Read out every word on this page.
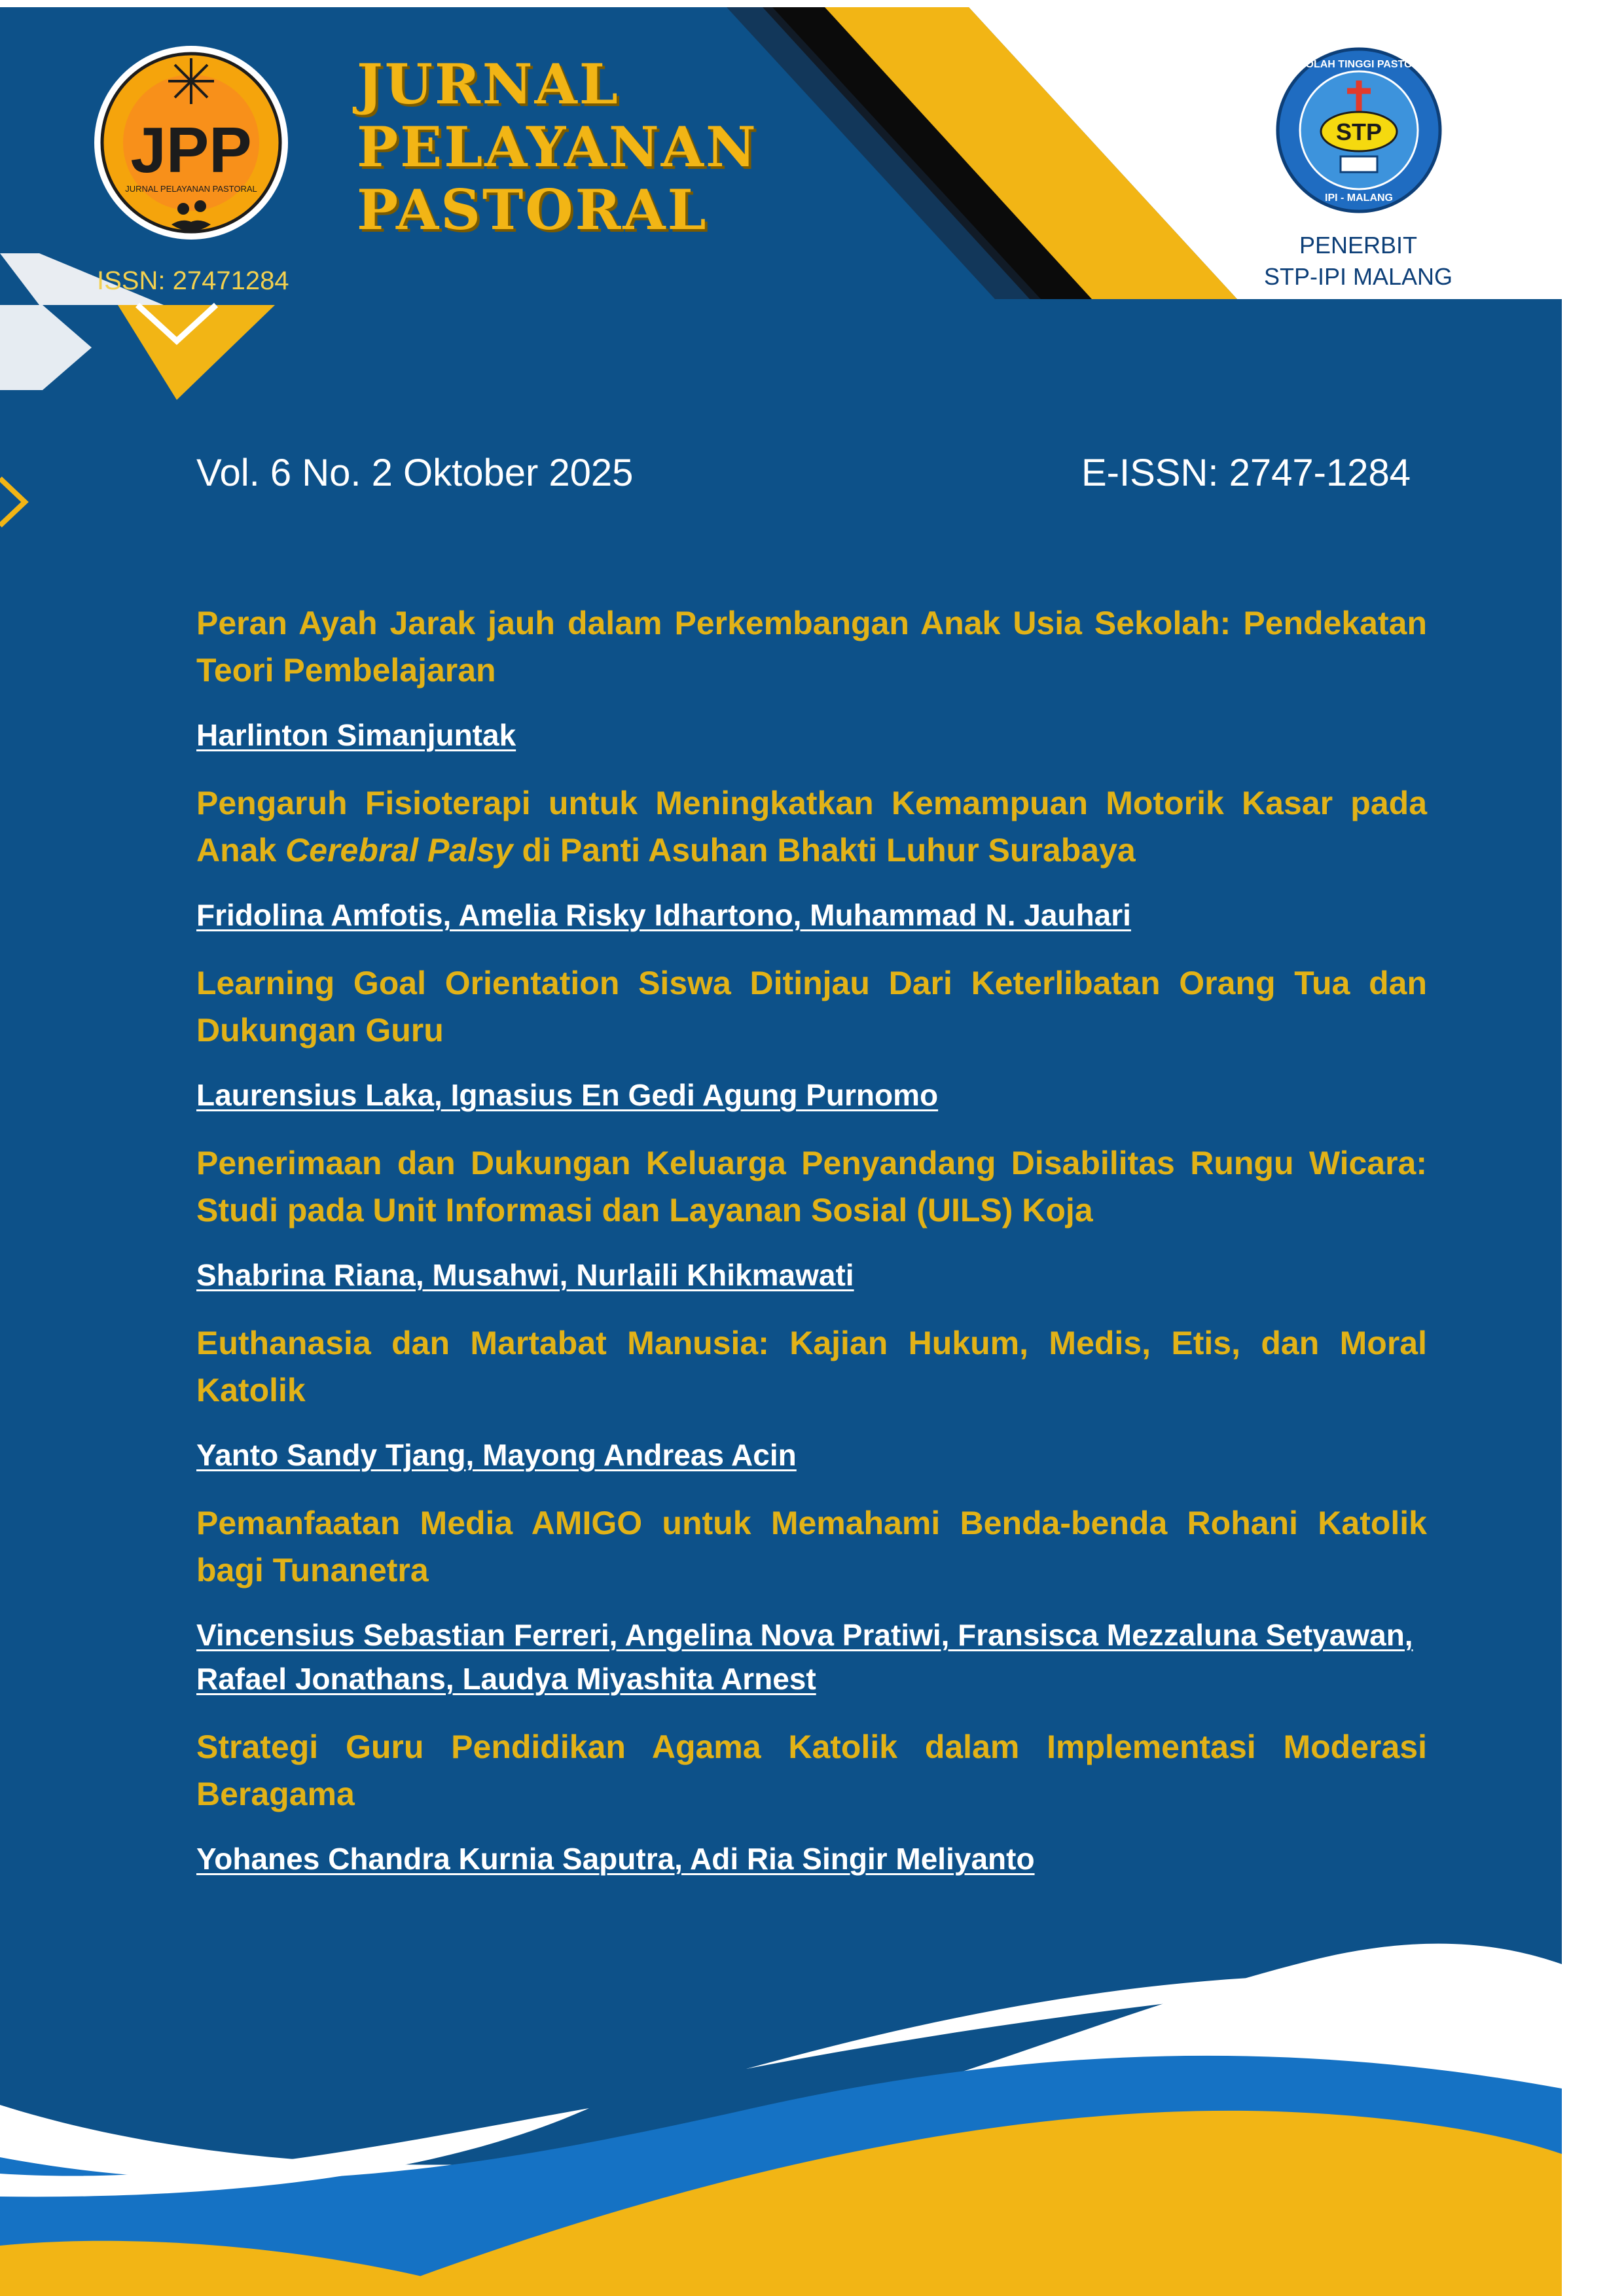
JPP
JURNAL PELAYANAN PASTORAL
STP
SEKOLAH TINGGI PASTORAL
IPI - MALANG
JURNAL
PELAYANAN
PASTORAL
ISSN: 27471284
PENERBIT
STP-IPI MALANG
Vol. 6 No. 2 Oktober 2025	E-ISSN: 2747-1284
Peran Ayah Jarak jauh dalam Perkembangan Anak Usia Sekolah: Pendekatan Teori Pembelajaran
Harlinton Simanjuntak
Pengaruh Fisioterapi untuk Meningkatkan Kemampuan Motorik Kasar pada Anak Cerebral Palsy di Panti Asuhan Bhakti Luhur Surabaya
Fridolina Amfotis, Amelia Risky Idhartono, Muhammad N. Jauhari
Learning Goal Orientation Siswa Ditinjau Dari Keterlibatan Orang Tua dan Dukungan Guru
Laurensius Laka, Ignasius En Gedi Agung Purnomo
Penerimaan dan Dukungan Keluarga Penyandang Disabilitas Rungu Wicara: Studi pada Unit Informasi dan Layanan Sosial (UILS) Koja
Shabrina Riana, Musahwi, Nurlaili Khikmawati
Euthanasia dan Martabat Manusia: Kajian Hukum, Medis, Etis, dan Moral Katolik
Yanto Sandy Tjang, Mayong Andreas Acin
Pemanfaatan Media AMIGO untuk Memahami Benda-benda Rohani Katolik bagi Tunanetra
Vincensius Sebastian Ferreri, Angelina Nova Pratiwi, Fransisca Mezzaluna Setyawan, Rafael Jonathans, Laudya Miyashita Arnest
Strategi Guru Pendidikan Agama Katolik dalam Implementasi Moderasi Beragama
Yohanes Chandra Kurnia Saputra, Adi Ria Singir Meliyanto
